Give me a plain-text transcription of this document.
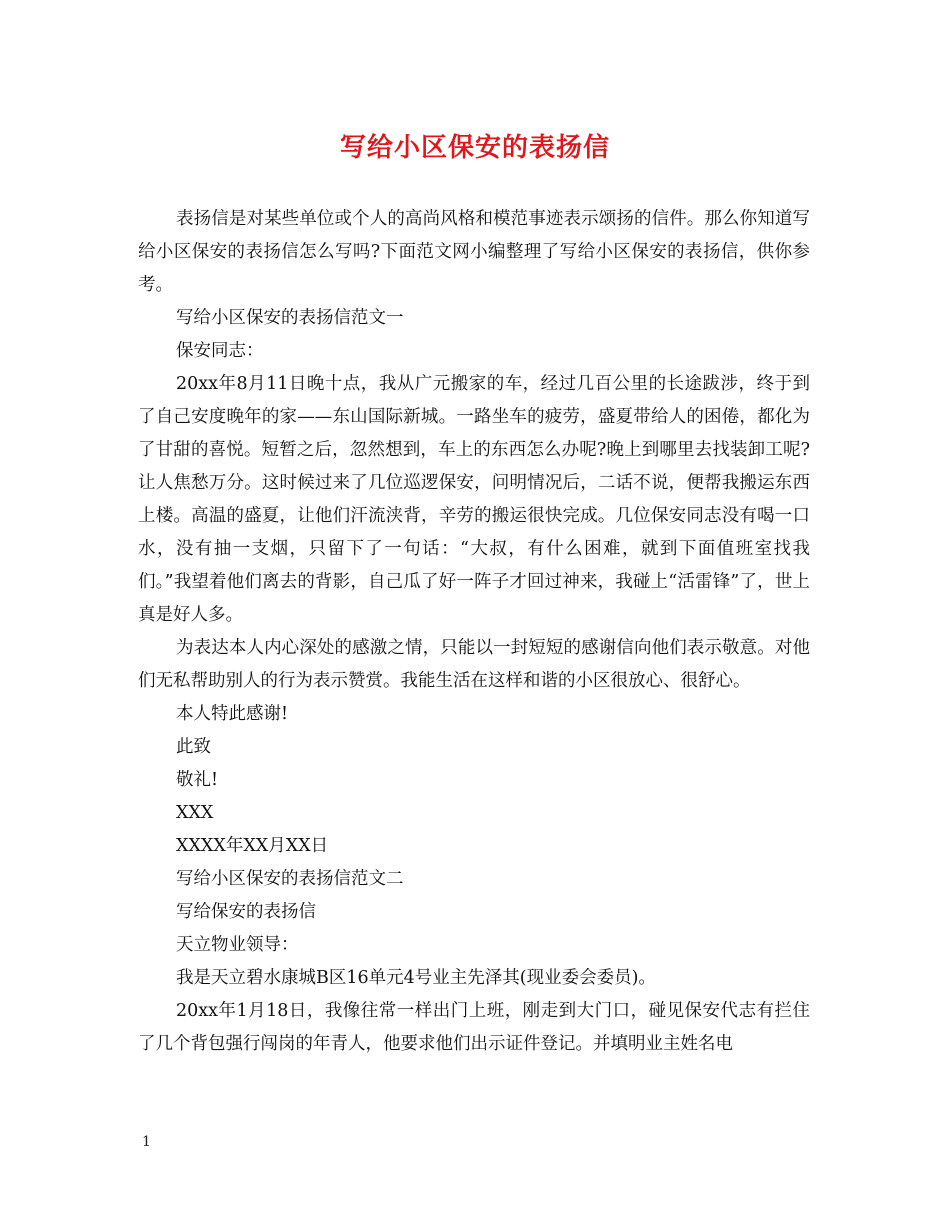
写给小区保安的表扬信

表扬信是对某些单位或个人的高尚风格和模范事迹表示颂扬的信件。那么你知道写给小区保安的表扬信怎么写吗?下面范文网小编整理了写给小区保安的表扬信，供你参考。

写给小区保安的表扬信范文一

保安同志：

20xx年8月11日晚十点，我从广元搬家的车，经过几百公里的长途跋涉，终于到了自己安度晚年的家——东山国际新城。一路坐车的疲劳，盛夏带给人的困倦，都化为了甘甜的喜悦。短暂之后，忽然想到，车上的东西怎么办呢?晚上到哪里去找装卸工呢?让人焦愁万分。这时候过来了几位巡逻保安，问明情况后，二话不说，便帮我搬运东西上楼。高温的盛夏，让他们汗流浃背，辛劳的搬运很快完成。几位保安同志没有喝一口水，没有抽一支烟，只留下了一句话：“大叔，有什么困难，就到下面值班室找我们。”我望着他们离去的背影，自己瓜了好一阵子才回过神来，我碰上“活雷锋”了，世上真是好人多。

为表达本人内心深处的感激之情，只能以一封短短的感谢信向他们表示敬意。对他们无私帮助别人的行为表示赞赏。我能生活在这样和谐的小区很放心、很舒心。

本人特此感谢!

此致

敬礼!

XXX

XXXX年XX月XX日

写给小区保安的表扬信范文二

写给保安的表扬信

天立物业领导：

我是天立碧水康城B区16单元4号业主先泽其(现业委会委员)。

20xx年1月18日，我像往常一样出门上班，刚走到大门口，碰见保安代志有拦住了几个背包强行闯岗的年青人，他要求他们出示证件登记。并填明业主姓名电

1
